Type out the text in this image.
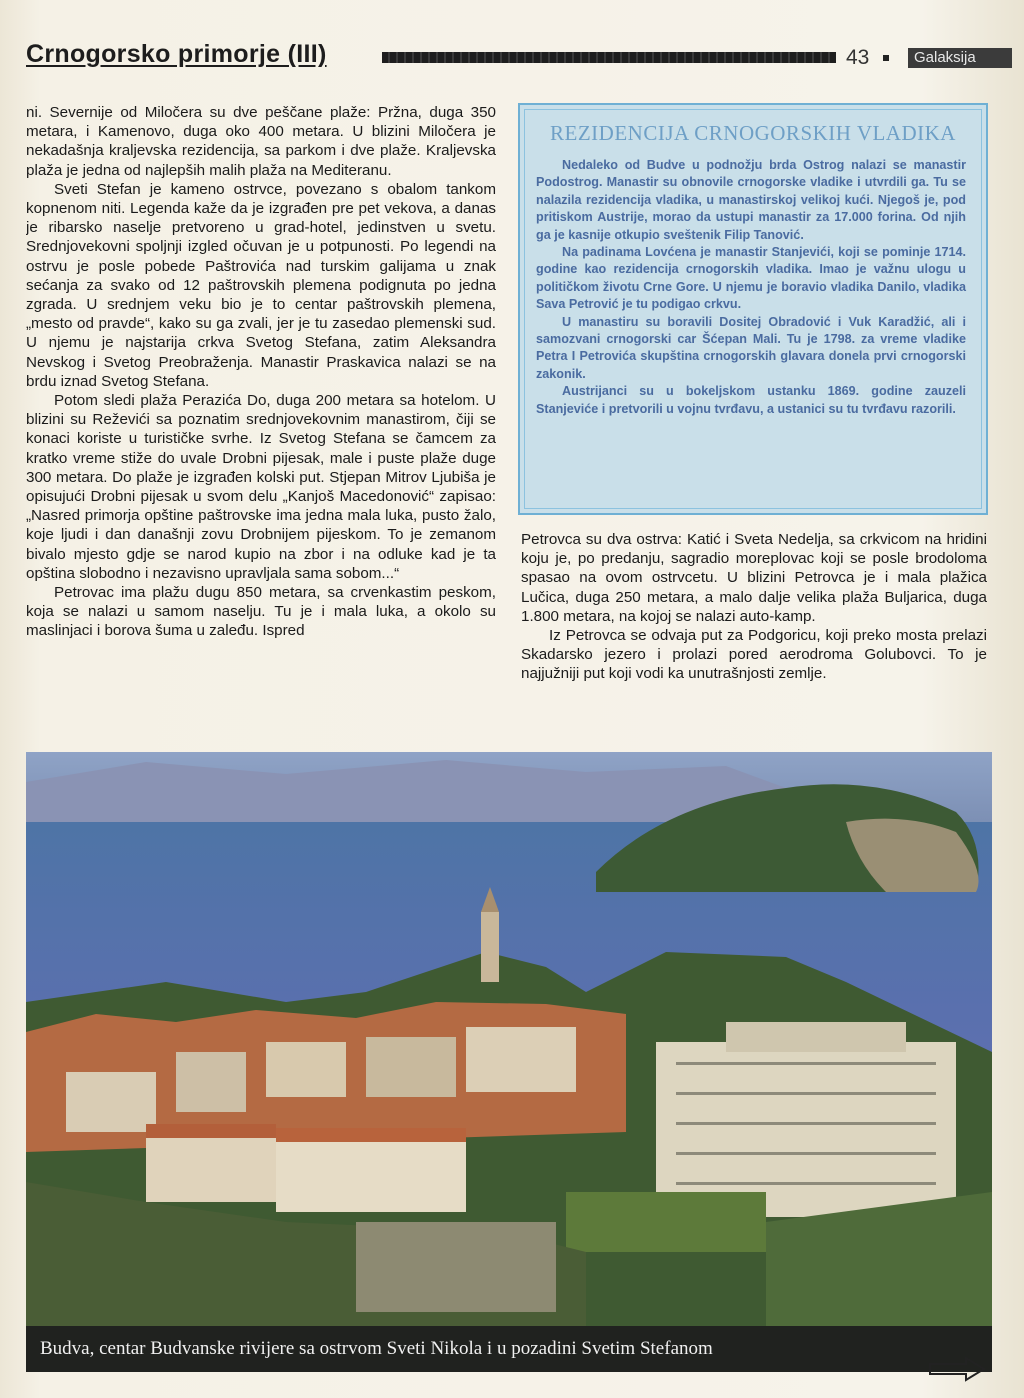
Crnogorsko primorje (III)	43	Galaksija

ni. Severnije od Miločera su dve peščane plaže: Pržna, duga 350 metara, i Kamenovo, duga oko 400 metara. U blizini Miločera je nekadašnja kraljevska rezidencija, sa parkom i dve plaže. Kraljevska plaža je jedna od najlepših malih plaža na Mediteranu.

Sveti Stefan je kameno ostrvce, povezano s obalom tankom kopnenom niti. Legenda kaže da je izgrađen pre pet vekova, a danas je ribarsko naselje pretvoreno u grad-hotel, jedinstven u svetu. Srednjovekovni spoljnji izgled očuvan je u potpunosti. Po legendi na ostrvu je posle pobede Paštrovića nad turskim galijama u znak sećanja za svako od 12 paštrovskih plemena podignuta po jedna zgrada. U srednjem veku bio je to centar paštrovskih plemena, „mesto od pravde“, kako su ga zvali, jer je tu zasedao plemenski sud. U njemu je najstarija crkva Svetog Stefana, zatim Aleksandra Nevskog i Svetog Preobraženja. Manastir Praskavica nalazi se na brdu iznad Svetog Stefana.

Potom sledi plaža Perazića Do, duga 200 metara sa hotelom. U blizini su Reževići sa poznatim srednjovekovnim manastirom, čiji se konaci koriste u turističke svrhe. Iz Svetog Stefana se čamcem za kratko vreme stiže do uvale Drobni pijesak, male i puste plaže duge 300 metara. Do plaže je izgrađen kolski put. Stjepan Mitrov Ljubiša je opisujući Drobni pijesak u svom delu „Kanjoš Macedonović“ zapisao: „Nasred primorja opštine paštrovske ima jedna mala luka, pusto žalo, koje ljudi i dan današnji zovu Drobnijem pijeskom. To je zemanom bivalo mjesto gdje se narod kupio na zbor i na odluke kad je ta opština slobodno i nezavisno upravljala samа sobom...“

Petrovac ima plažu dugu 850 metara, sa crvenkastim peskom, koja se nalazi u samom naselju. Tu je i mala luka, a okolo su maslinjaci i borova šuma u zaleđu. Ispred

REZIDENCIJA CRNOGORSKIH VLADIKA

Nedaleko od Budve u podnožju brda Ostrog nalazi se manastir Podostrog. Manastir su obnovile crnogorske vladike i utvrdili ga. Tu se nalazila rezidencija vladika, u manastirskoj velikoj kući. Njegoš je, pod pritiskom Austrije, morao da ustupi manastir za 17.000 forina. Od njih ga je kasnije otkupio sveštenik Filip Tanović.

Na padinama Lovćena je manastir Stanjevići, koji se pominje 1714. godine kao rezidencija crnogorskih vladika. Imao je važnu ulogu u političkom životu Crne Gore. U njemu je boravio vladika Danilo, vladika Sava Petrović je tu podigao crkvu.

U manastiru su boravili Dositej Obradović i Vuk Karadžić, ali i samozvani crnogorski car Šćepan Mali. Tu je 1798. za vreme vladike Petra I Petrovića skupština crnogorskih glavara donela prvi crnogorski zakonik.

Austrijanci su u bokeljskom ustanku 1869. godine zauzeli Stanjeviće i pretvorili u vojnu tvrđavu, a ustanici su tu tvrđavu razorili.

Petrovca su dva ostrva: Katić i Sveta Nedelja, sa crkvicom na hridini koju je, po predanju, sagradio moreplovac koji se posle brodoloma spasao na ovom ostrvcetu. U blizini Petrovca je i mala plažica Lučica, duga 250 metara, a malo dalje velika plaža Buljarica, duga 1.800 metara, na kojoj se nalazi auto-kamp.

Iz Petrovca se odvaja put za Podgoricu, koji preko mosta prelazi Skadarsko jezero i prolazi pored aerodroma Golubovci. To je najjužniji put koji vodi ka unutrašnjosti zemlje.

Budva, centar Budvanske rivijere sa ostrvom Sveti Nikola i u pozadini Svetim Stefanom
